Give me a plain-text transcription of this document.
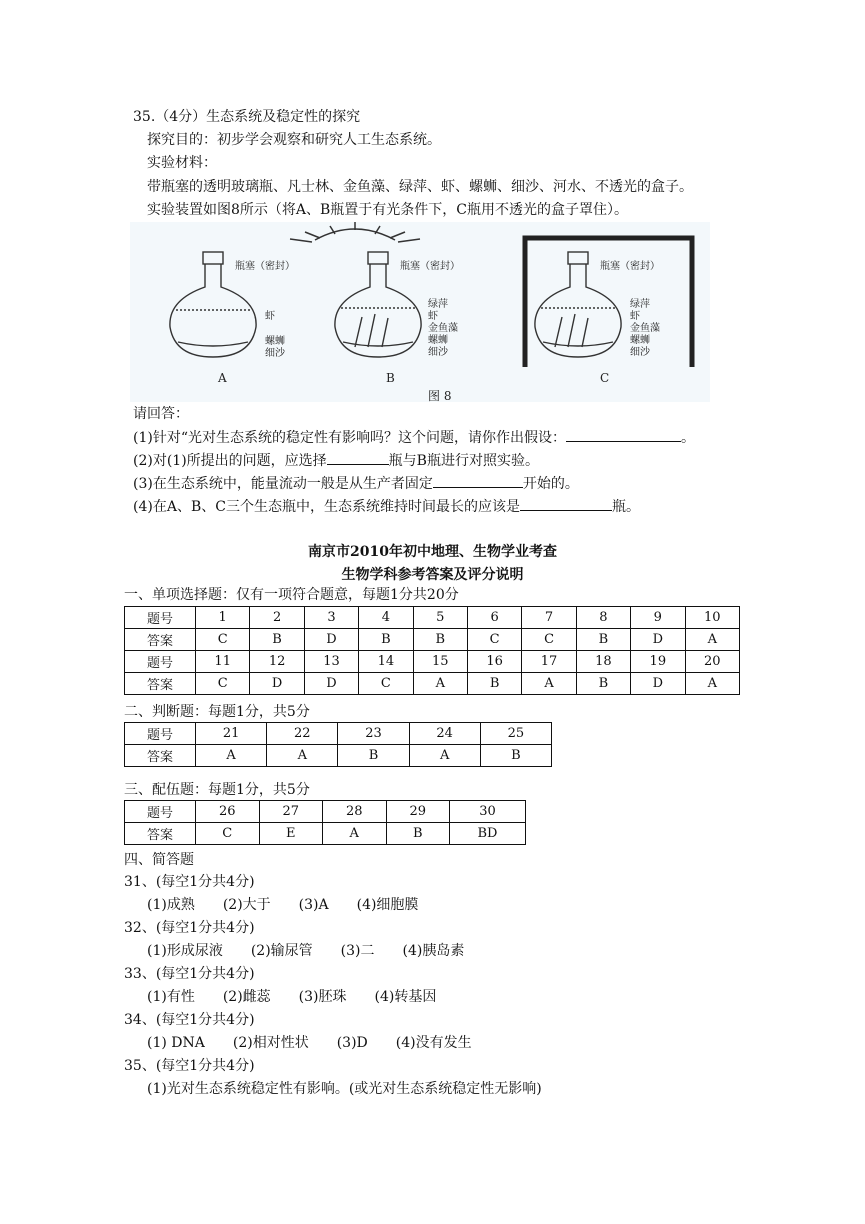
35.（4分）生态系统及稳定性的探究
探究目的：初步学会观察和研究人工生态系统。
实验材料：
带瓶塞的透明玻璃瓶、凡士林、金鱼藻、绿萍、虾、螺蛳、细沙、河水、不透光的盒子。
实验装置如图8所示（将A、B瓶置于有光条件下，C瓶用不透光的盒子罩住）。
瓶塞（密封）
虾
螺蛳
细沙
瓶塞（密封）
绿萍
虾
金鱼藻
螺蛳
细沙
瓶塞（密封）
绿萍
虾
金鱼藻
螺蛳
细沙
A	B	C
图 8
请回答：
(1)针对“光对生态系统的稳定性有影响吗？这个问题，请你作出假设：	。
(2)对(1)所提出的问题，应选择	瓶与B瓶进行对照实验。
(3)在生态系统中，能量流动一般是从生产者固定	开始的。
(4)在A、B、C三个生态瓶中，生态系统维持时间最长的应该是	瓶。
南京市2010年初中地理、生物学业考查
生物学科参考答案及评分说明
一、单项选择题：仅有一项符合题意，每题1分共20分
题号	1	2	3	4	5	6	7	8	9	10
答案	C	B	D	B	B	C	C	B	D	A
题号	11	12	13	14	15	16	17	18	19	20
答案	C	D	D	C	A	B	A	B	D	A
二、判断题：每题1分，共5分
题号	21	22	23	24	25
答案	A	A	B	A	B
三、配伍题：每题1分，共5分
题号	26	27	28	29	30
答案	C	E	A	B	BD
四、简答题
31、(每空1分共4分)
(1)成熟　　(2)大于　　(3)A　　(4)细胞膜
32、(每空1分共4分)
(1)形成尿液　　(2)输尿管　　(3)二　　(4)胰岛素
33、(每空1分共4分)
(1)有性　　(2)雌蕊　　(3)胚珠　　(4)转基因
34、(每空1分共4分)
(1) DNA　　(2)相对性状　　(3)D　　(4)没有发生
35、(每空1分共4分)
(1)光对生态系统稳定性有影响。(或光对生态系统稳定性无影响)
